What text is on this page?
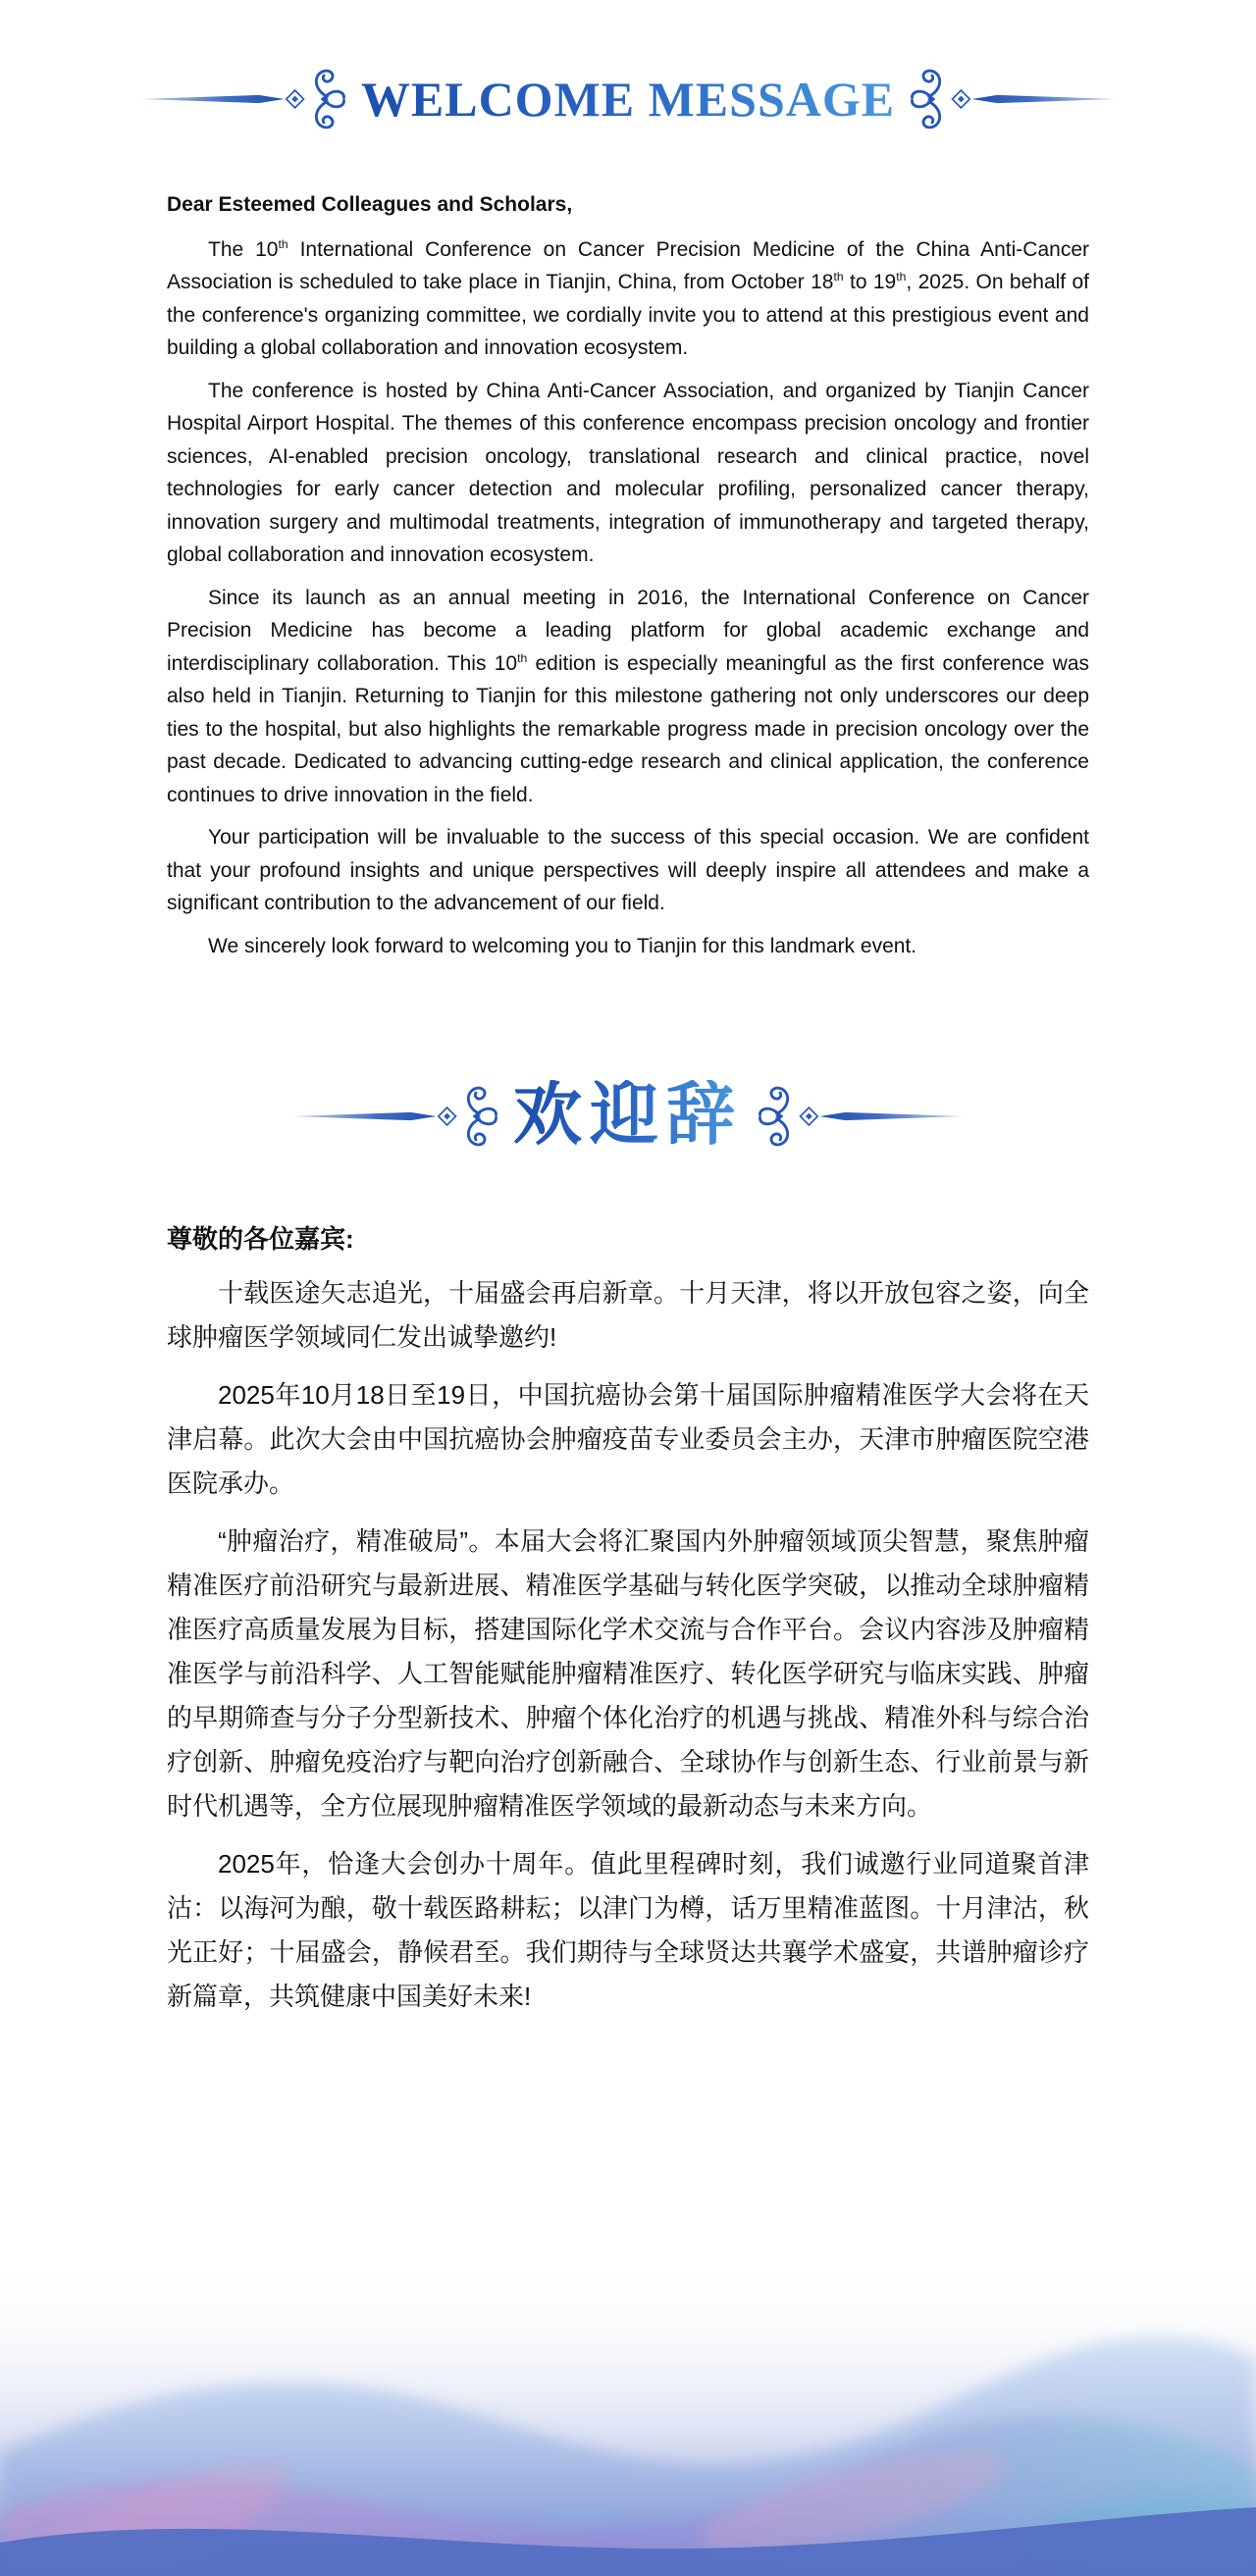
WELCOME MESSAGE

Dear Esteemed Colleagues and Scholars,

The 10th International Conference on Cancer Precision Medicine of the China Anti-Cancer Association is scheduled to take place in Tianjin, China, from October 18th to 19th, 2025. On behalf of the conference's organizing committee, we cordially invite you to attend at this prestigious event and building a global collaboration and innovation ecosystem.

The conference is hosted by China Anti-Cancer Association, and organized by Tianjin Cancer Hospital Airport Hospital. The themes of this conference encompass precision oncology and frontier sciences, AI-enabled precision oncology, translational research and clinical practice, novel technologies for early cancer detection and molecular profiling, personalized cancer therapy, innovation surgery and multimodal treatments, integration of immunotherapy and targeted therapy, global collaboration and innovation ecosystem.

Since its launch as an annual meeting in 2016, the International Conference on Cancer Precision Medicine has become a leading platform for global academic exchange and interdisciplinary collaboration. This 10th edition is especially meaningful as the first conference was also held in Tianjin. Returning to Tianjin for this milestone gathering not only underscores our deep ties to the hospital, but also highlights the remarkable progress made in precision oncology over the past decade. Dedicated to advancing cutting-edge research and clinical application, the conference continues to drive innovation in the field.

Your participation will be invaluable to the success of this special occasion. We are confident that your profound insights and unique perspectives will deeply inspire all attendees and make a significant contribution to the advancement of our field.

We sincerely look forward to welcoming you to Tianjin for this landmark event.

欢迎辞

尊敬的各位嘉宾:

十载医途矢志追光，十届盛会再启新章。十月天津，将以开放包容之姿，向全球肿瘤医学领域同仁发出诚挚邀约!

2025年10月18日至19日，中国抗癌协会第十届国际肿瘤精准医学大会将在天津启幕。此次大会由中国抗癌协会肿瘤疫苗专业委员会主办，天津市肿瘤医院空港医院承办。

“肿瘤治疗，精准破局”。本届大会将汇聚国内外肿瘤领域顶尖智慧，聚焦肿瘤精准医疗前沿研究与最新进展、精准医学基础与转化医学突破，以推动全球肿瘤精准医疗高质量发展为目标，搭建国际化学术交流与合作平台。会议内容涉及肿瘤精准医学与前沿科学、人工智能赋能肿瘤精准医疗、转化医学研究与临床实践、肿瘤的早期筛查与分子分型新技术、肿瘤个体化治疗的机遇与挑战、精准外科与综合治疗创新、肿瘤免疫治疗与靶向治疗创新融合、全球协作与创新生态、行业前景与新时代机遇等，全方位展现肿瘤精准医学领域的最新动态与未来方向。

2025年，恰逢大会创办十周年。值此里程碑时刻，我们诚邀行业同道聚首津沽：以海河为酿，敬十载医路耕耘；以津门为樽，话万里精准蓝图。十月津沽，秋光正好；十届盛会，静候君至。我们期待与全球贤达共襄学术盛宴，共谱肿瘤诊疗新篇章，共筑健康中国美好未来!
